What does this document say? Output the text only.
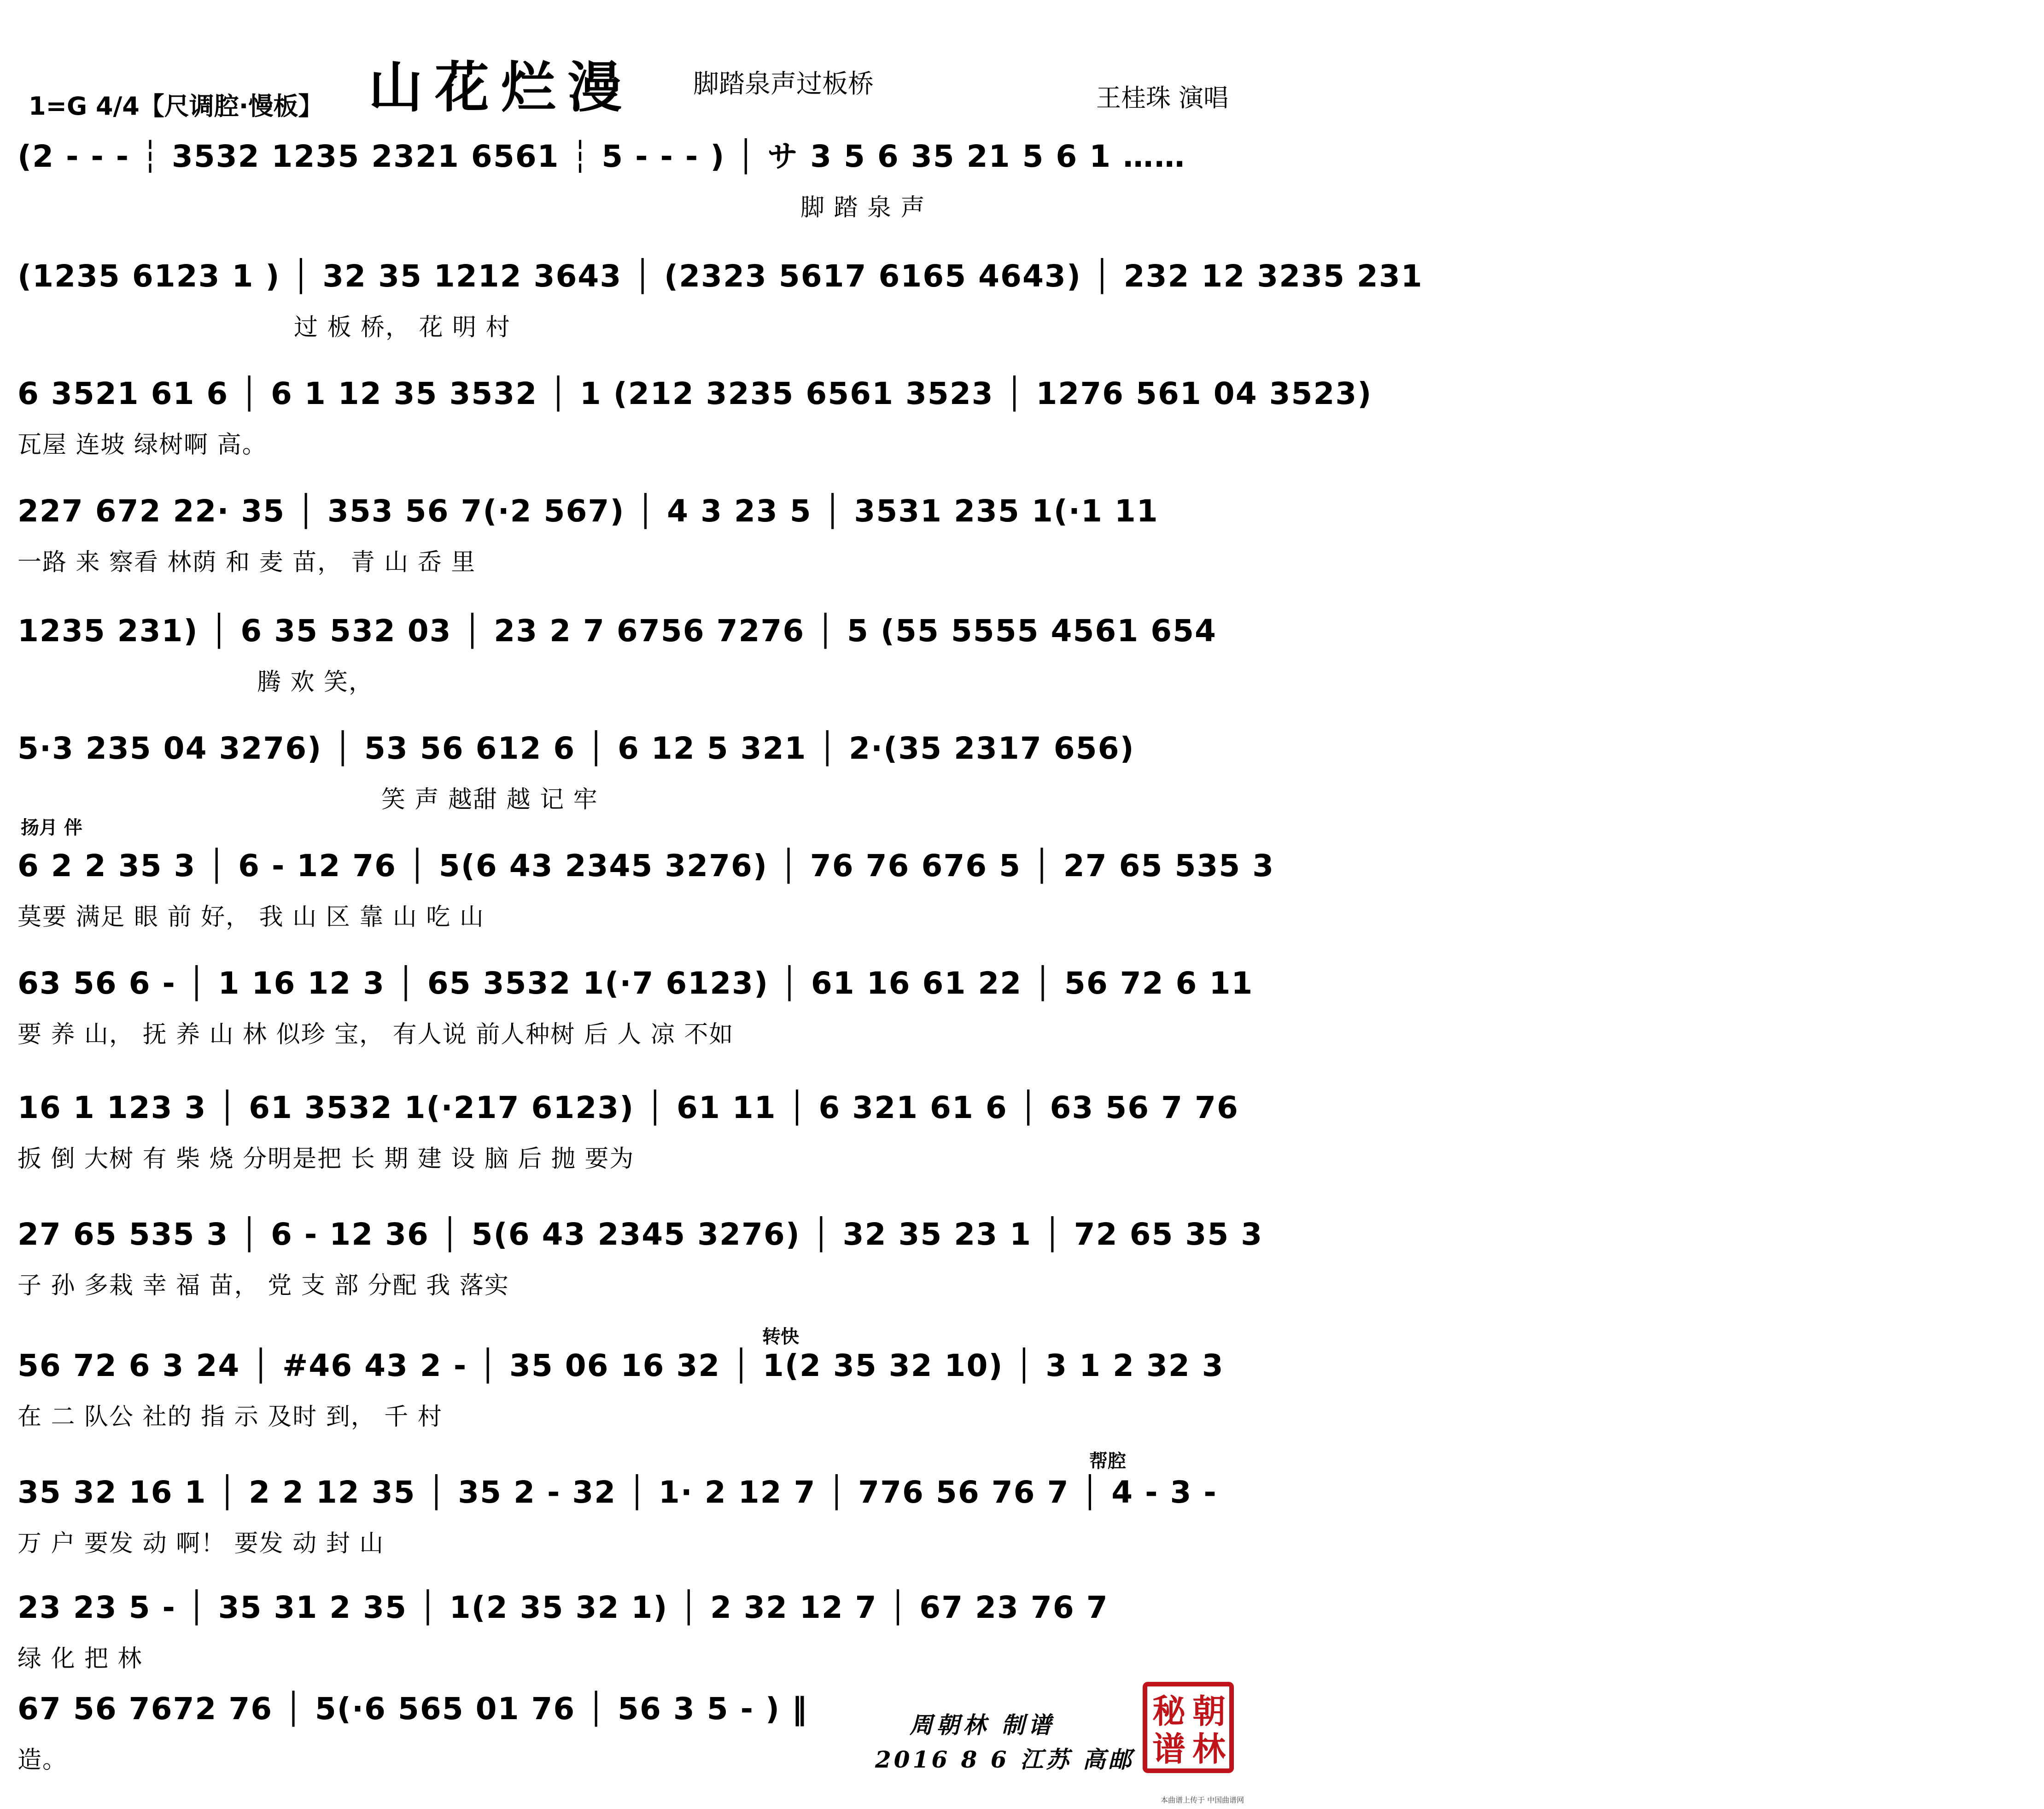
山花烂漫 脚踏泉声过板桥	王桂珠 演唱
1=G 4/4【尺调腔·慢板】
(2 - - - ┆ 3532 1235 2321 6561 ┆ 5 - - - ) │ サ 3 5 6 35 21 5 6 1 ……
脚 踏 泉 声
(1235 6123 1 ) │ 32 35 1212 3643 │ (2323 5617 6165 4643) │ 232 12 3235 231
过 板 桥， 花 明 村
6 3521 61 6 │ 6 1 12 35 3532 │ 1 (212 3235 6561 3523 │ 1276 561 04 3523)
瓦屋 连坡 绿树啊 高。
227 672 22· 35 │ 353 56 7(·2 567) │ 4 3 23 5 │ 3531 235 1(·1 11
一路 来 察看 林荫 和 麦 苗， 青 山 岙 里
1235 231) │ 6 35 532 03 │ 23 2 7 6756 7276 │ 5 (55 5555 4561 654
腾 欢 笑，
5·3 235 04 3276) │ 53 56 612 6 │ 6 12 5 321 │ 2·(35 2317 656)
笑 声 越甜 越 记 牢
扬月 伴
6 2 2 35 3 │ 6 - 12 76 │ 5(6 43 2345 3276) │ 76 76 676 5 │ 27 65 535 3
莫要 满足 眼 前 好， 我 山 区 靠 山 吃 山
63 56 6 - │ 1 16 12 3 │ 65 3532 1(·7 6123) │ 61 16 61 22 │ 56 72 6 11
要 养 山， 抚 养 山 林 似珍 宝， 有人说 前人种树 后 人 凉 不如
16 1 123 3 │ 61 3532 1(·217 6123) │ 61 11 │ 6 321 61 6 │ 63 56 7 76
扳 倒 大树 有 柴 烧 分明是把 长 期 建 设 脑 后 抛 要为
27 65 535 3 │ 6 - 12 36 │ 5(6 43 2345 3276) │ 32 35 23 1 │ 72 65 35 3
子 孙 多栽 幸 福 苗， 党 支 部 分配 我 落实
转快
56 72 6 3 24 │ #46 43 2 - │ 35 06 16 32 │ 1(2 35 32 10) │ 3 1 2 32 3
在 二 队公 社的 指 示 及时 到， 千 村
帮腔
35 32 16 1 │ 2 2 12 35 │ 35 2 - 32 │ 1· 2 12 7 │ 776 56 76 7 │ 4 - 3 -
万 户 要发 动 啊！ 要发 动 封 山
23 23 5 - │ 35 31 2 35 │ 1(2 35 32 1) │ 2 32 12 7 │ 67 23 76 7
绿 化 把 林
67 56 7672 76 │ 5(·6 565 01 76 │ 56 3 5 - ) ‖
造。
周朝林 制谱
2016 8 6 江苏 高邮
朝
林
秘
谱
本曲谱上传于 中国曲谱网
